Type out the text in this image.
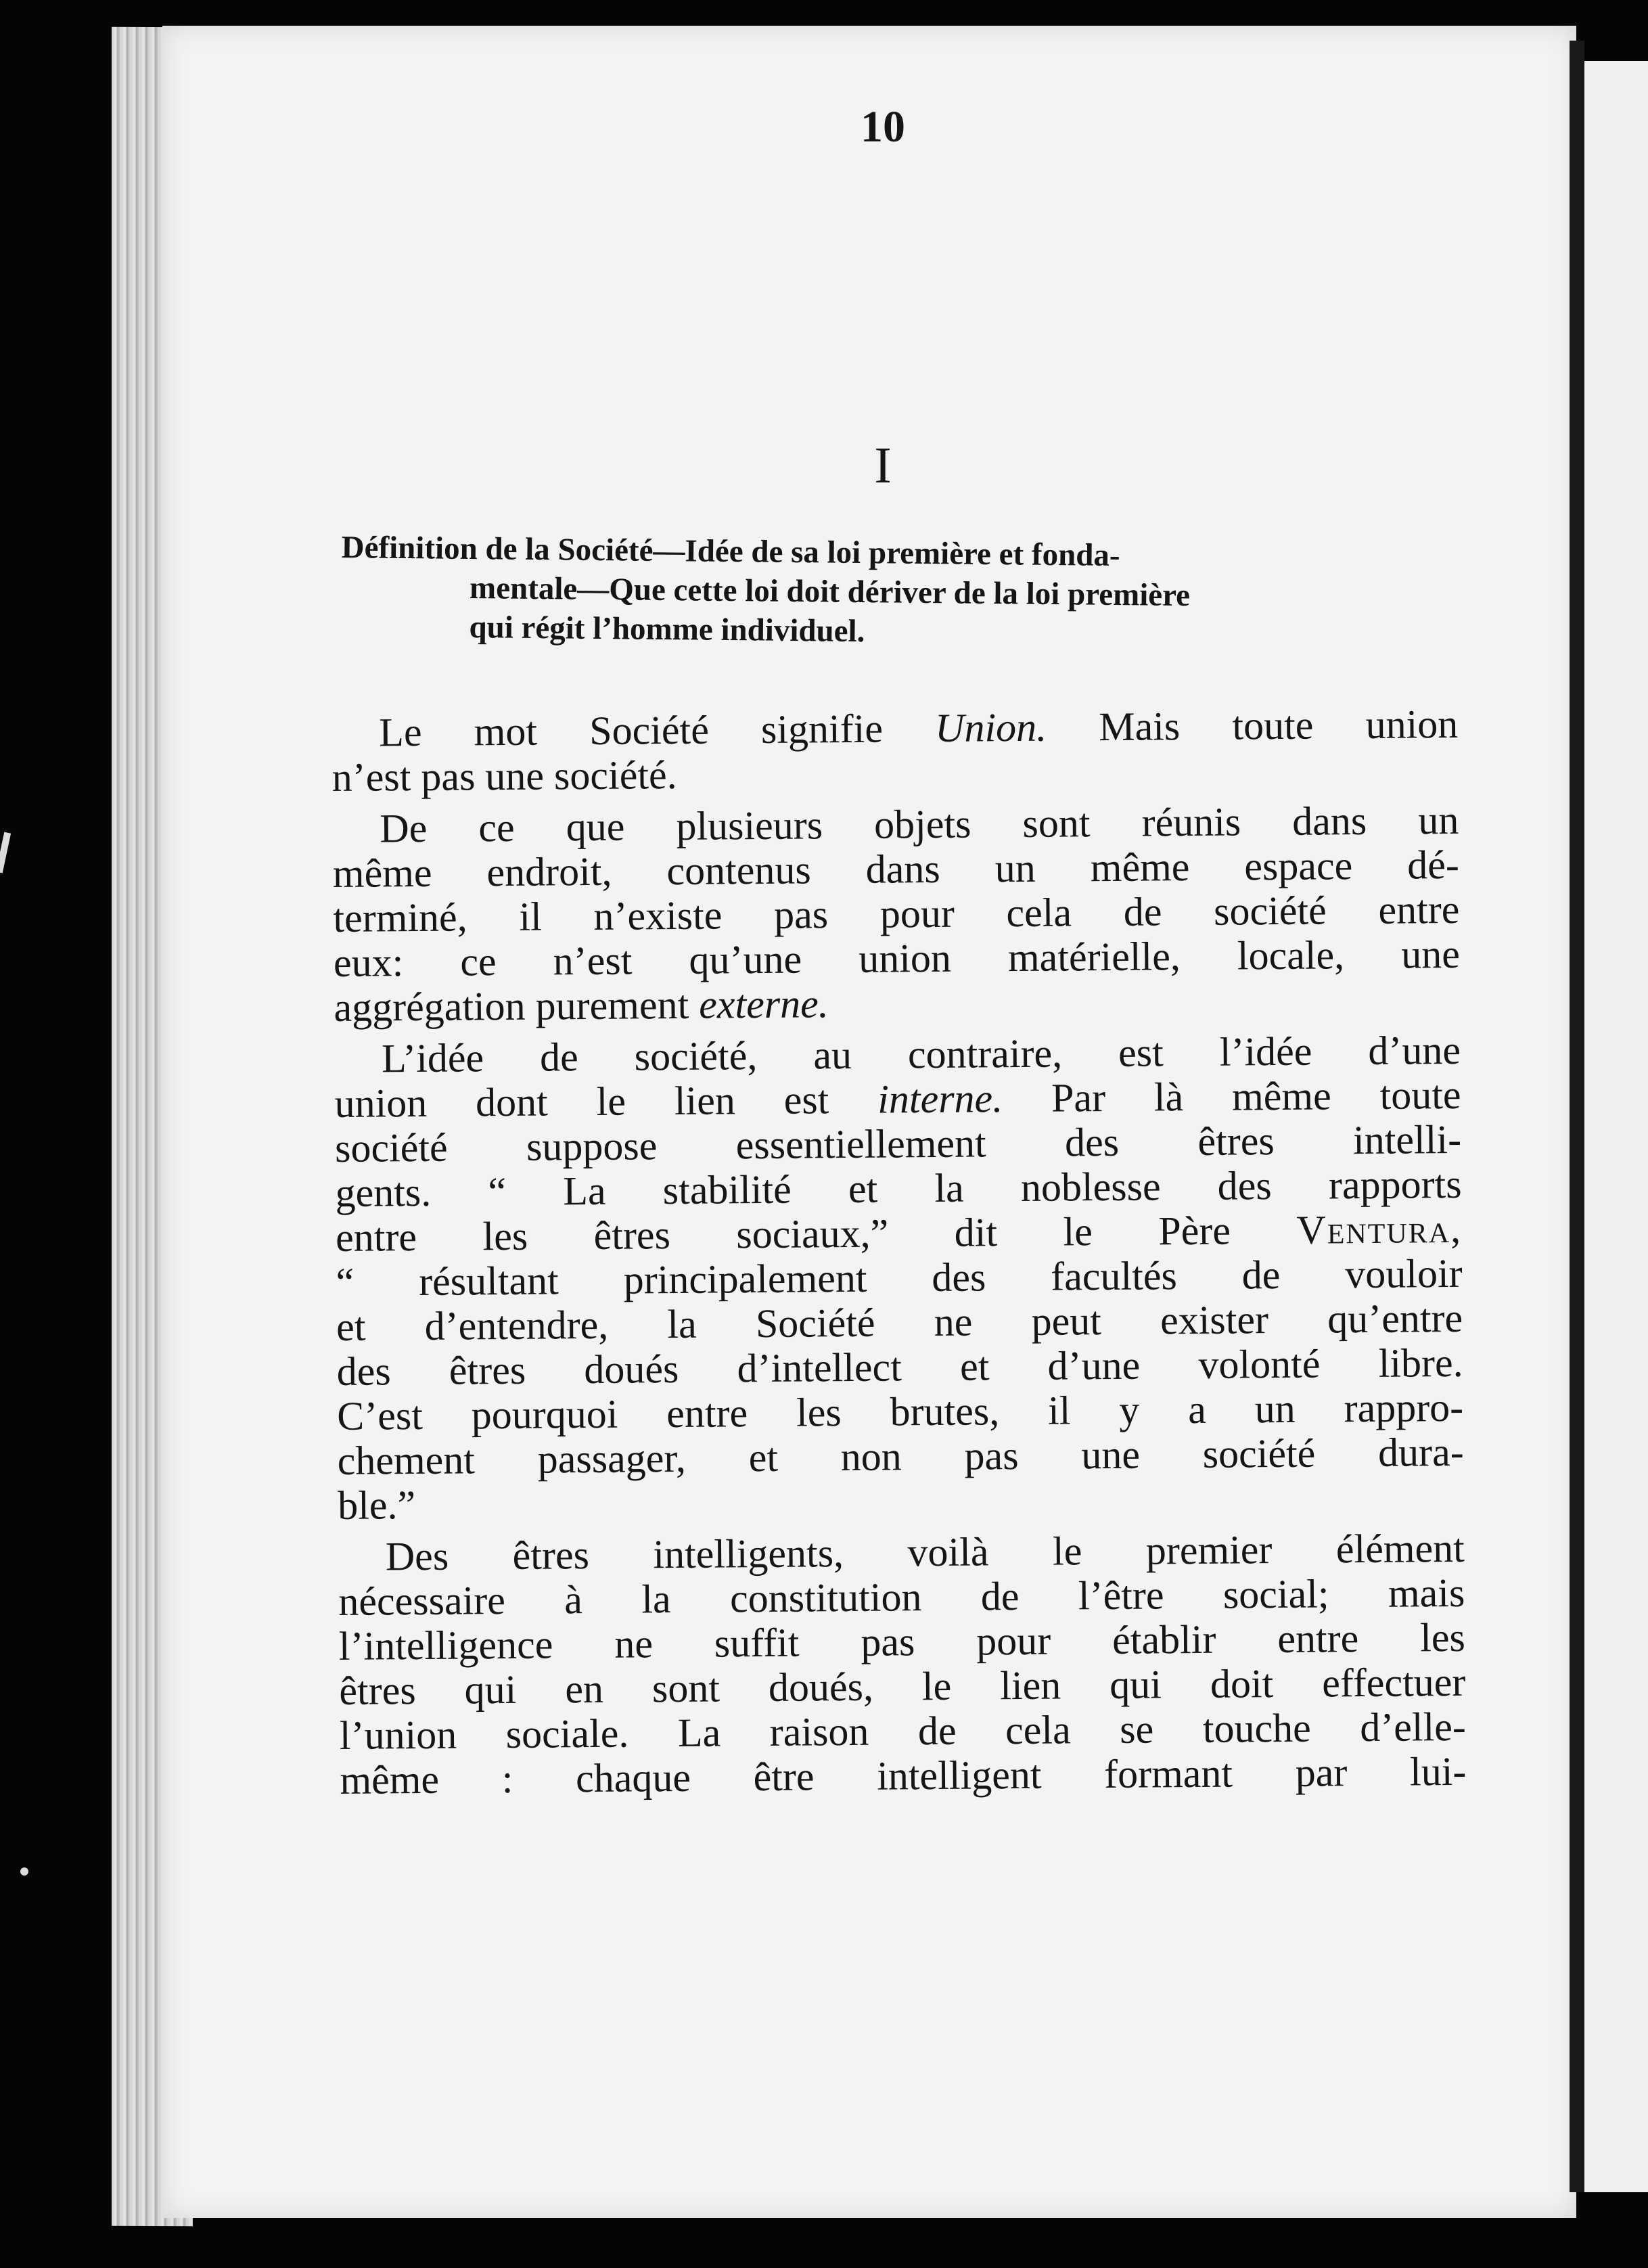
10
I
Définition de la Société—Idée de sa loi première et fonda-
mentale—Que cette loi doit dériver de la loi première
qui régit l’homme individuel.
Le mot Société signifie Union. Mais toute union
n’est pas une société.
De ce que plusieurs objets sont réunis dans un
même endroit, contenus dans un même espace dé-
terminé, il n’existe pas pour cela de société entre
eux: ce n’est qu’une union matérielle, locale, une
aggrégation purement externe.
L’idée de société, au contraire, est l’idée d’une
union dont le lien est interne. Par là même toute
société suppose essentiellement des êtres intelli-
gents. “ La stabilité et la noblesse des rapports
entre les êtres sociaux,” dit le Père Ventura,
“ résultant principalement des facultés de vouloir
et d’entendre, la Société ne peut exister qu’entre
des êtres doués d’intellect et d’une volonté libre.
C’est pourquoi entre les brutes, il y a un rappro-
chement passager, et non pas une société dura-
ble.”
Des êtres intelligents, voilà le premier élément
nécessaire à la constitution de l’être social; mais
l’intelligence ne suffit pas pour établir entre les
êtres qui en sont doués, le lien qui doit effectuer
l’union sociale. La raison de cela se touche d’elle-
même : chaque être intelligent formant par lui-
